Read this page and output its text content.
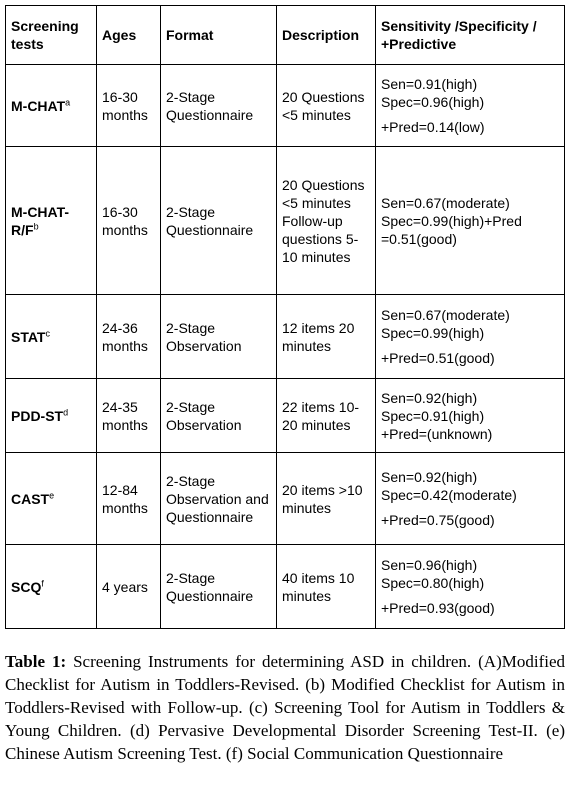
Screening tests	Ages	Format	Description	Sensitivity /Specificity / +Predictive
M-CHAT$^a$	16-30 months	2-Stage Questionnaire	20 Questions <5 minutes	Sen=0.91(high)
Spec=0.96(high)
+Pred=0.14(low)

$M-CHAT-R/F^b$	16-30 months	2-Stage Questionnaire	20 Questions <5 minutes Follow-up questions 5-10 minutes	Sen=0.67(moderate)
Spec=0.99(high)+Pred =0.51(good)

STAT$^c$	24-36 months	2-Stage Observation	12 items 20 minutes	Sen=0.67(moderate)
Spec=0.99(high)
+Pred=0.51(good)

PDD-$ST^d$	24-35 months	2-Stage Observation	22 items 10-20 minutes	Sen=0.92(high)
Spec=0.91(high)
+Pred=(unknown)

CAST$^e$	12-84 months	2-Stage Observation and Questionnaire	20 items >10 minutes	Sen=0.92(high)
Spec=0.42(moderate)
+Pred=0.75(good)

SCQ$^f$	4 years	2-Stage Questionnaire	40 items 10 minutes	Sen=0.96(high)
Spec=0.80(high)
+Pred=0.93(good)
Table 1: Screening Instruments for determining ASD in children. (A)Modified Checklist for Autism in Toddlers-Revised. (b) Modified Checklist for Autism in Toddlers-Revised with Follow-up. (c) Screening Tool for Autism in Toddlers & Young Children. (d) Pervasive Developmental Disorder Screening Test-II. (e) Chinese Autism Screening Test. (f) Social Communication Questionnaire
